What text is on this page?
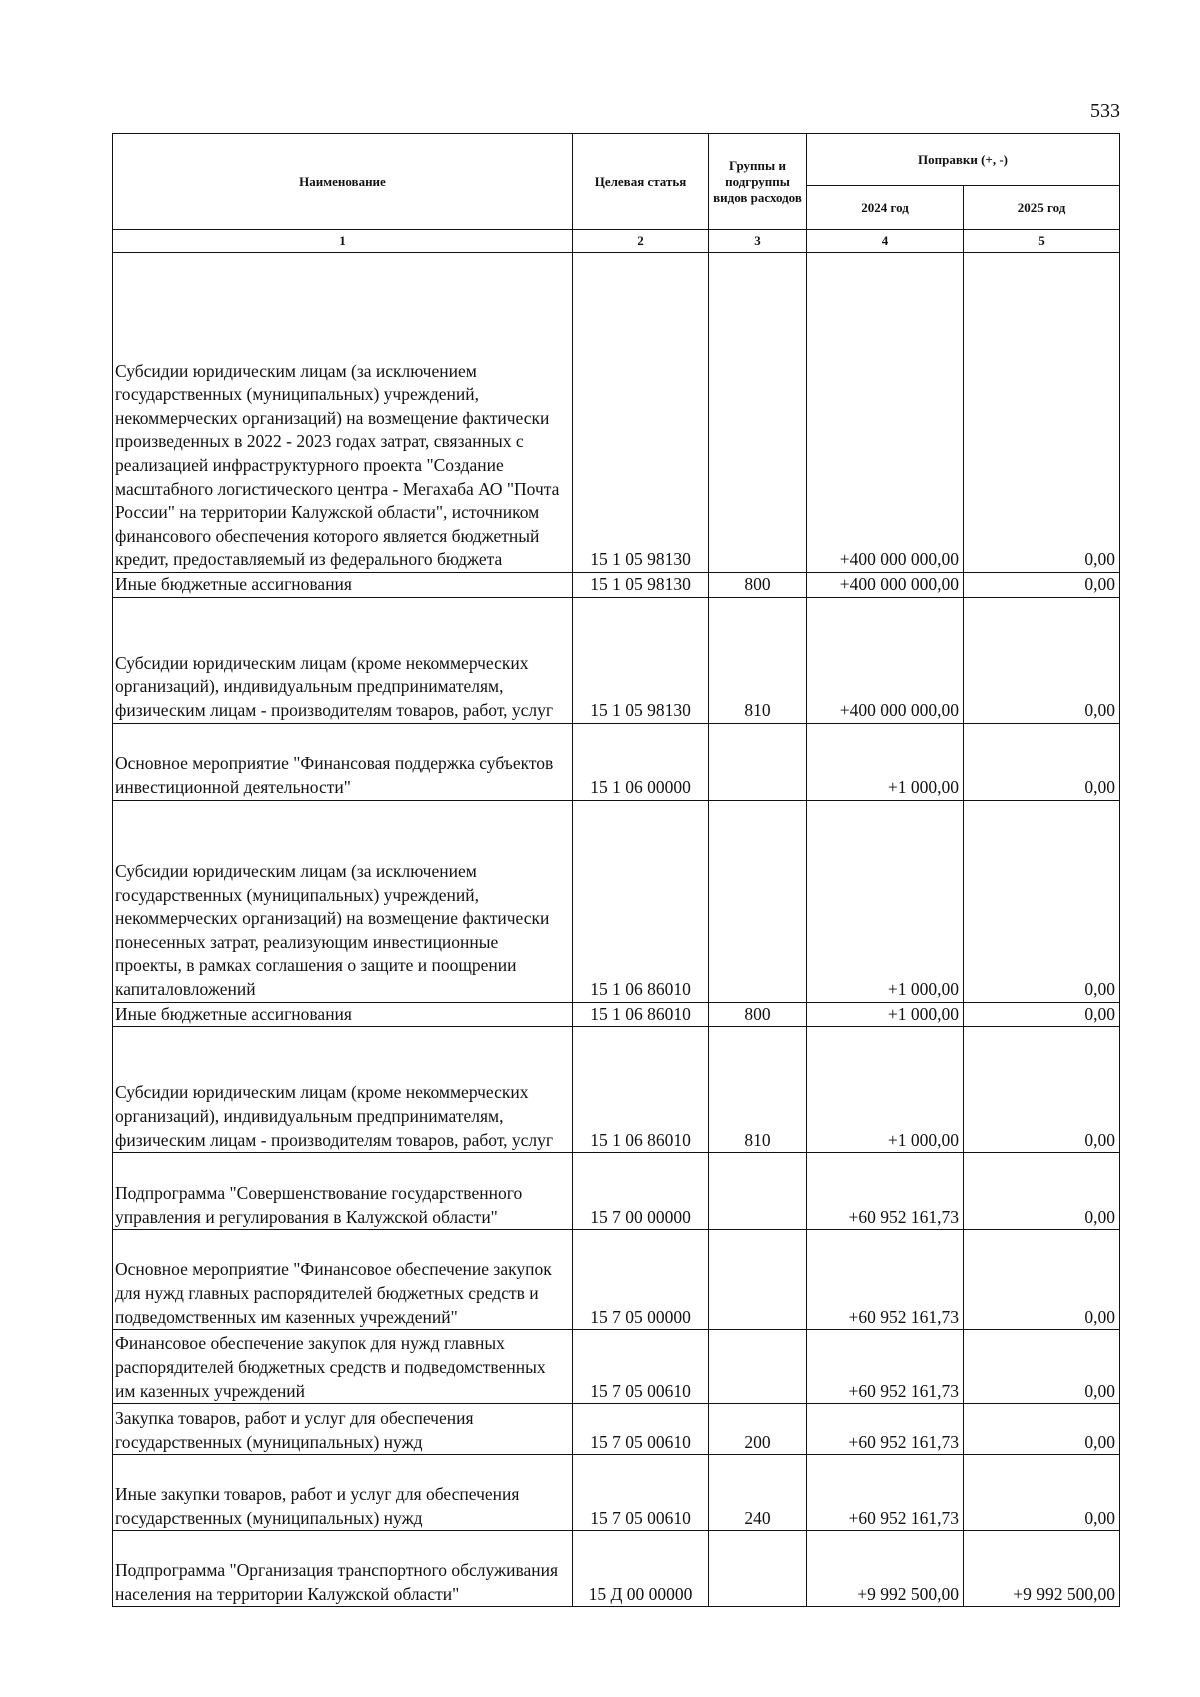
533
Наименование	Целевая статья	Группы и подгруппы видов расходов	Поправки (+, -)	
			2024 год	2025 год
1	2	3	4	5
Субсидии юридическим лицам (за исключением государственных (муниципальных) учреждений, некоммерческих организаций) на возмещение фактически произведенных в 2022 - 2023 годах затрат, связанных с реализацией инфраструктурного проекта "Создание масштабного логистического центра - Мегахаба АО "Почта России" на территории Калужской области", источником финансового обеспечения которого является бюджетный кредит, предоставляемый из федерального бюджета	15 1 05 98130		+400 000 000,00	0,00
Иные бюджетные ассигнования	15 1 05 98130	800	+400 000 000,00	0,00
Субсидии юридическим лицам (кроме некоммерческих организаций), индивидуальным предпринимателям, физическим лицам - производителям товаров, работ, услуг	15 1 05 98130	810	+400 000 000,00	0,00
Основное мероприятие "Финансовая поддержка субъектов инвестиционной деятельности"	15 1 06 00000		+1 000,00	0,00
Субсидии юридическим лицам (за исключением государственных (муниципальных) учреждений, некоммерческих организаций) на возмещение фактически понесенных затрат, реализующим инвестиционные проекты, в рамках соглашения о защите и поощрении капиталовложений	15 1 06 86010		+1 000,00	0,00
Иные бюджетные ассигнования	15 1 06 86010	800	+1 000,00	0,00
Субсидии юридическим лицам (кроме некоммерческих организаций), индивидуальным предпринимателям, физическим лицам - производителям товаров, работ, услуг	15 1 06 86010	810	+1 000,00	0,00
Подпрограмма "Совершенствование государственного управления и регулирования в Калужской области"	15 7 00 00000		+60 952 161,73	0,00
Основное мероприятие "Финансовое обеспечение закупок для нужд главных распорядителей бюджетных средств и подведомственных им казенных учреждений"	15 7 05 00000		+60 952 161,73	0,00
Финансовое обеспечение закупок для нужд главных распорядителей бюджетных средств и подведомственных им казенных учреждений	15 7 05 00610		+60 952 161,73	0,00
Закупка товаров, работ и услуг для обеспечения государственных (муниципальных) нужд	15 7 05 00610	200	+60 952 161,73	0,00
Иные закупки товаров, работ и услуг для обеспечения государственных (муниципальных) нужд	15 7 05 00610	240	+60 952 161,73	0,00
Подпрограмма "Организация транспортного обслуживания населения на территории Калужской области"	15 Д 00 00000		+9 992 500,00	+9 992 500,00
